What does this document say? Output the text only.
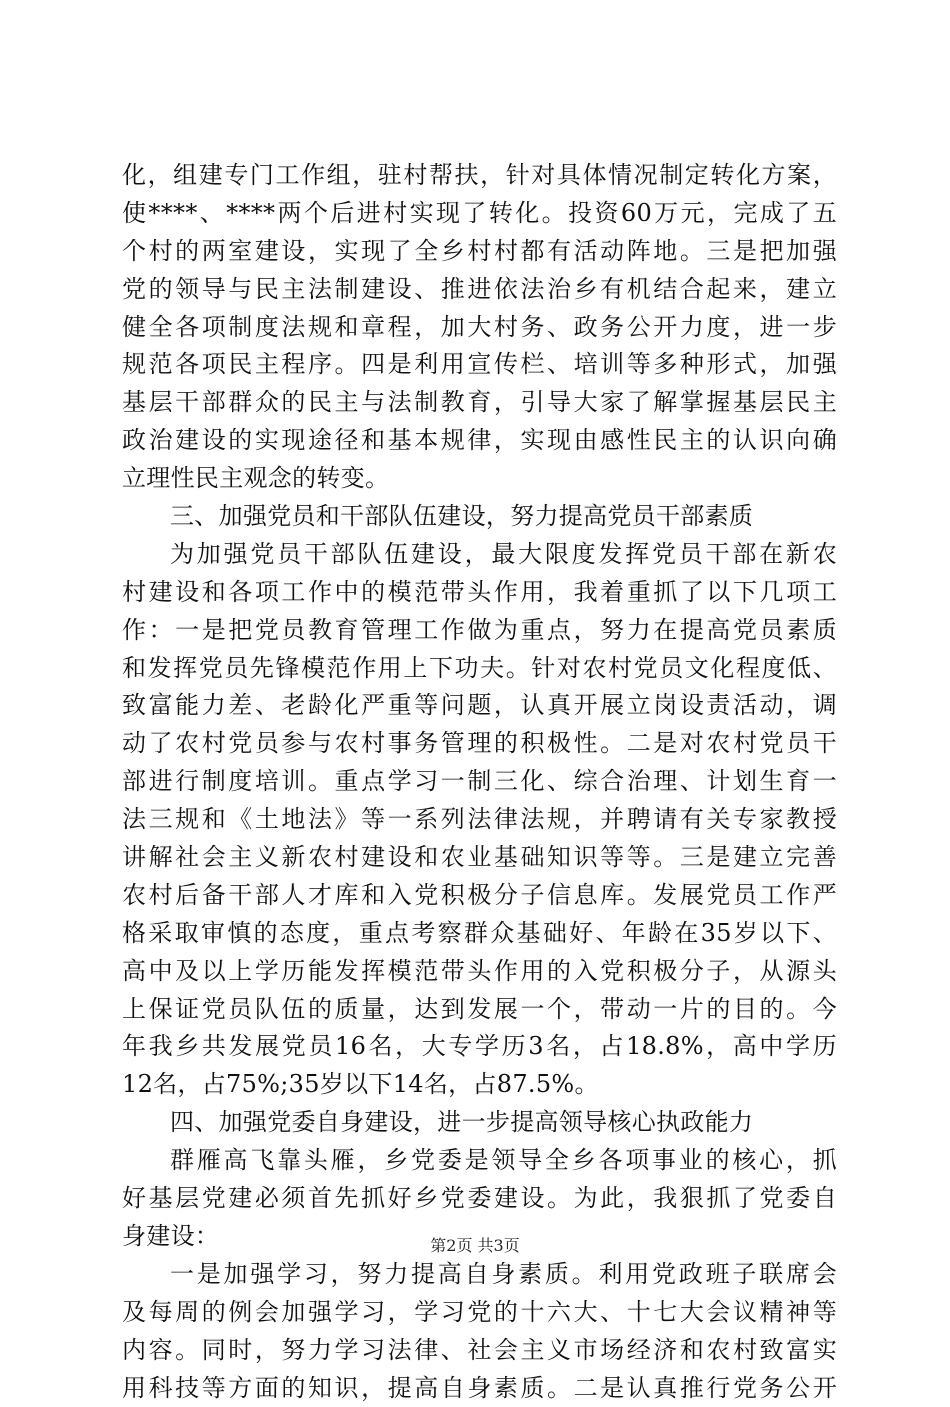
化，组建专门工作组，驻村帮扶，针对具体情况制定转化方案，
使****、****两个后进村实现了转化。投资60万元，完成了五
个村的两室建设，实现了全乡村村都有活动阵地。三是把加强
党的领导与民主法制建设、推进依法治乡有机结合起来，建立
健全各项制度法规和章程，加大村务、政务公开力度，进一步
规范各项民主程序。四是利用宣传栏、培训等多种形式，加强
基层干部群众的民主与法制教育，引导大家了解掌握基层民主
政治建设的实现途径和基本规律，实现由感性民主的认识向确
立理性民主观念的转变。
三、加强党员和干部队伍建设，努力提高党员干部素质
为加强党员干部队伍建设，最大限度发挥党员干部在新农
村建设和各项工作中的模范带头作用，我着重抓了以下几项工
作：一是把党员教育管理工作做为重点，努力在提高党员素质
和发挥党员先锋模范作用上下功夫。针对农村党员文化程度低、
致富能力差、老龄化严重等问题，认真开展立岗设责活动，调
动了农村党员参与农村事务管理的积极性。二是对农村党员干
部进行制度培训。重点学习一制三化、综合治理、计划生育一
法三规和《土地法》等一系列法律法规，并聘请有关专家教授
讲解社会主义新农村建设和农业基础知识等等。三是建立完善
农村后备干部人才库和入党积极分子信息库。发展党员工作严
格采取审慎的态度，重点考察群众基础好、年龄在35岁以下、
高中及以上学历能发挥模范带头作用的入党积极分子，从源头
上保证党员队伍的质量，达到发展一个，带动一片的目的。今
年我乡共发展党员16名，大专学历3名，占18.8%，高中学历
12名，占75%;35岁以下14名，占87.5%。
四、加强党委自身建设，进一步提高领导核心执政能力
群雁高飞靠头雁，乡党委是领导全乡各项事业的核心，抓
好基层党建必须首先抓好乡党委建设。为此，我狠抓了党委自
身建设：
一是加强学习，努力提高自身素质。利用党政班子联席会
及每周的例会加强学习，学习党的十六大、十七大会议精神等
内容。同时，努力学习法律、社会主义市场经济和农村致富实
用科技等方面的知识，提高自身素质。二是认真推行党务公开
第2页 共3页
